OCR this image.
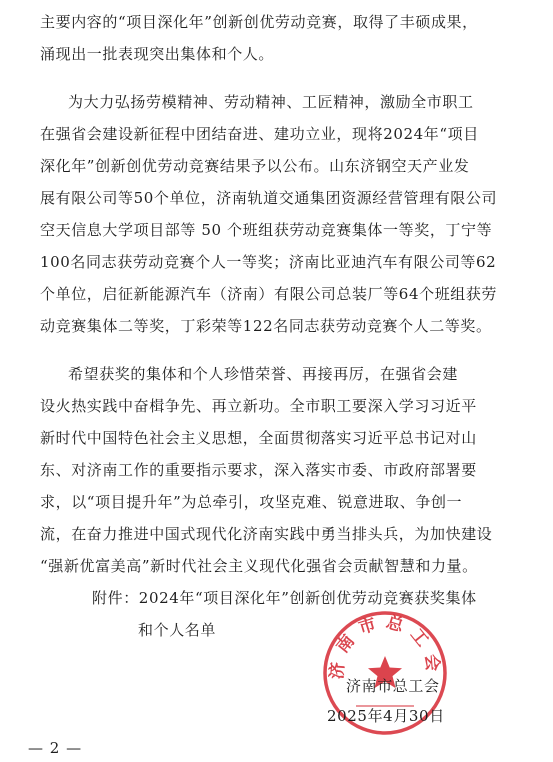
主要内容的“项目深化年”创新创优劳动竞赛，取得了丰硕成果，
涌现出一批表现突出集体和个人。
为大力弘扬劳模精神、劳动精神、工匠精神，激励全市职工
在强省会建设新征程中团结奋进、建功立业，现将2024年“项目
深化年”创新创优劳动竞赛结果予以公布。山东济钢空天产业发
展有限公司等50个单位，济南轨道交通集团资源经营管理有限公司
空天信息大学项目部等 50 个班组获劳动竞赛集体一等奖，丁宁等
100名同志获劳动竞赛个人一等奖；济南比亚迪汽车有限公司等62
个单位，启征新能源汽车（济南）有限公司总装厂等64个班组获劳
动竞赛集体二等奖，丁彩荣等122名同志获劳动竞赛个人二等奖。
希望获奖的集体和个人珍惜荣誉、再接再厉，在强省会建
设火热实践中奋楫争先、再立新功。全市职工要深入学习习近平
新时代中国特色社会主义思想，全面贯彻落实习近平总书记对山
东、对济南工作的重要指示要求，深入落实市委、市政府部署要
求，以“项目提升年”为总牵引，攻坚克难、锐意进取、争创一
流，在奋力推进中国式现代化济南实践中勇当排头兵，为加快建设
“强新优富美高”新时代社会主义现代化强省会贡献智慧和力量。
附件：2024年“项目深化年”创新创优劳动竞赛获奖集体
和个人名单
济南市总工会
济南市总工会
2025年4月30日
— 2 —
